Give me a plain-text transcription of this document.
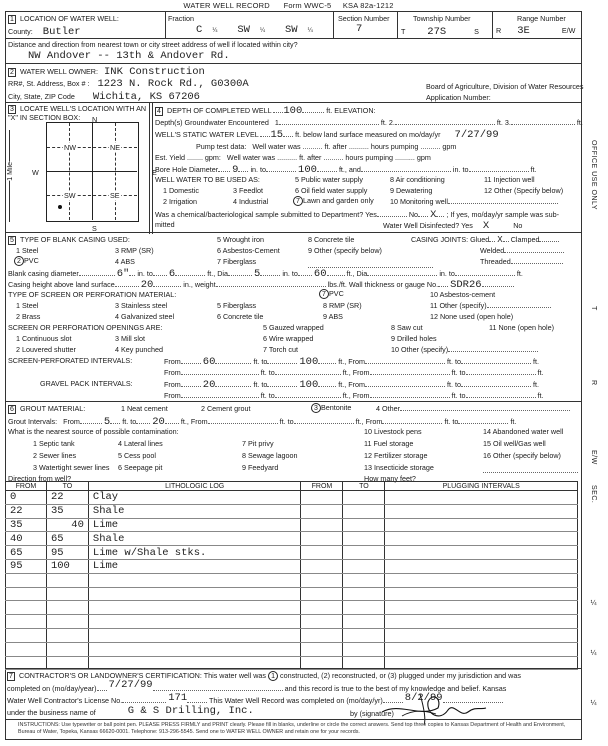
WATER WELL RECORD Form WWC-5 KSA 82a-1212
1 LOCATION OF WATER WELL:
County: Butler
Fraction
C ¼ SW ¼ SW ¼
Section Number
7
Township Number
T 27S	S
Range Number
R 3E	E/W
Distance and direction from nearest town or city street address of well if located within city?
NW Andover -- 13th & Andover Rd.
2 WATER WELL OWNER: INK Construction
RR#, St. Address, Box # : 1223 N. Rock Rd., G0300A
City, State, ZIP Code Wichita, KS 67206
Board of Agriculture, Division of Water Resources
Application Number:
3 LOCATE WELL'S LOCATION WITH AN "X" IN SECTION BOX:	N
S
W	E
1 Mile
NW	NE
SW	SE
4 DEPTH OF COMPLETED WELL 100	ft. ELEVATION:
Depth(s) Groundwater Encountered 1	ft. 2.	ft. 3.	ft.
WELL'S STATIC WATER LEVEL 15 ft. below land surface measured on mo/day/yr 7/27/99
Pump test data: Well water was .......... ft. after .......... hours pumping .......... gpm
Est. Yield ........ gpm: Well water was .......... ft. after .......... hours pumping .......... gpm
Bore Hole Diameter 9 in. to	100	ft., and	in. to	ft.
WELL WATER TO BE USED AS:
1 Domestic	3 Feedlot
5 Public water supply
6 Oil field water supply
8 Air conditioning
9 Dewatering
10 Monitoring well
11 Injection well
12 Other (Specify below)
2 Irrigation	4 Industrial	7 Lawn and garden only
Was a chemical/bacteriological sample submitted to Department? Yes	No X ; If yes, mo/day/yr sample was sub-
mitted	Water Well Disinfected? Yes X	No
5 TYPE OF BLANK CASING USED:
1 Steel
2 PVC
3 RMP (SR)
4 ABS
5 Wrought iron
6 Asbestos-Cement
7 Fiberglass
8 Concrete tile
9 Other (specify below)
CASING JOINTS: Glued X Clamped
Welded
Threaded
Blank casing diameter	6" in. to 6	ft., Dia 5	in. to 60	ft., Dia	in. to	ft.
Casing height above land surface 20	in., weight	lbs./ft. Wall thickness or gauge No. SDR26
TYPE OF SCREEN OR PERFORATION MATERIAL:
1 Steel	3 Stainless steel	5 Fiberglass
2 Brass	4 Galvanized steel	6 Concrete tile
7 PVC
8 RMP (SR)
9 ABS
10 Asbestos-cement
11 Other (specify)
12 None used (open hole)
SCREEN OR PERFORATION OPENINGS ARE:
1 Continuous slot	3 Mill slot
5 Gauzed wrapped	8 Saw cut	11 None (open hole)
2 Louvered shutter	4 Key punched
6 Wire wrapped	9 Drilled holes
7 Torch cut	10 Other (specify)
SCREEN-PERFORATED INTERVALS:	From 60	ft. to	100	ft., From	ft. to	ft.
From	ft. to	ft., From	ft. to	ft.
GRAVEL PACK INTERVALS:	From 20	ft. to	100	ft., From	ft. to	ft.
From	ft. to	ft., From	ft. to	ft.
6 GROUT MATERIAL:	1 Neat cement	2 Cement grout	3 Bentonite	4 Other
Grout Intervals: From 5 ft. to 20 ft., From	ft. to	ft., From	ft. to	ft.
What is the nearest source of possible contamination:	10 Livestock pens	14 Abandoned water well
1 Septic tank	4 Lateral lines	7 Pit privy	11 Fuel storage	15 Oil well/Gas well
2 Sewer lines	5 Cess pool	8 Sewage lagoon	12 Fertilizer storage	16 Other (specify below)
3 Watertight sewer lines 6 Seepage pit	9 Feedyard	13 Insecticide storage
Direction from well?	How many feet?
FROM	TO	LITHOLOGIC LOG	FROM	TO	PLUGGING INTERVALS
0	22	Clay			
22	35	Shale			
35	40	Lime			
40	65	Shale			
65	95	Lime w/Shale stks.			
95	100	Lime			

7 CONTRACTOR'S OR LANDOWNER'S CERTIFICATION: This water well was 1 constructed, (2) reconstructed, or (3) plugged under my jurisdiction and was
completed on (mo/day/year) 7/27/99	and this record is true to the best of my knowledge and belief. Kansas
Water Well Contractor's License No.	171	This Water Well Record was completed on (mo/day/yr) 8/2/99
under the business name of	G & S Drilling, Inc.	by (signature)
INSTRUCTIONS: Use typewriter or ball point pen. PLEASE PRESS FIRMLY and PRINT clearly. Please fill in blanks, underline or circle the correct answers. Send top three copies to Kansas Department of Health and Environment, Bureau of Water, Topeka, Kansas 66620-0001. Telephone: 913-296-5545. Send one to WATER WELL OWNER and retain one for your records.
OFFICE USE ONLY
T
R
E/W
SEC.
¼
¼
¼
